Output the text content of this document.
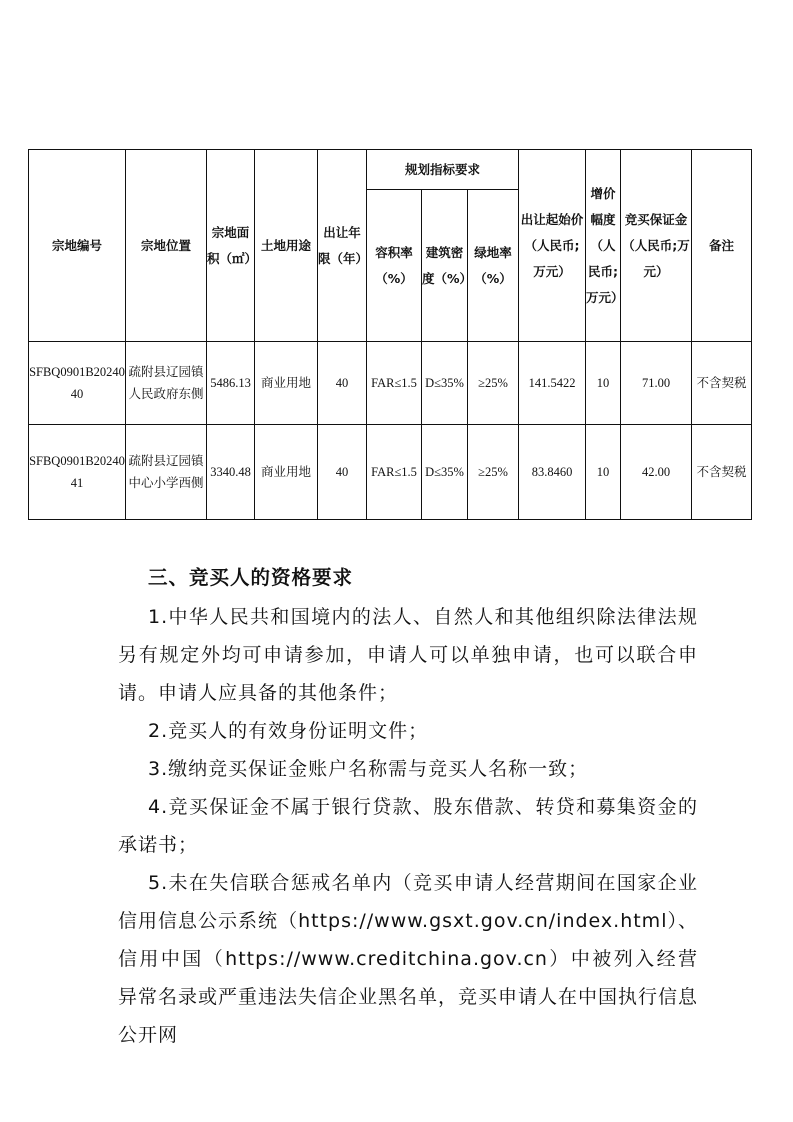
宗地编号	宗地位置	宗地面积（㎡）	土地用途	出让年限（年）	规划指标要求			出让起始价（人民币;万元）	增价幅度（人民币;万元）	竞买保证金（人民币;万元）	备注
					容积率（%）	建筑密度（%）	绿地率（%）				
SFBQ0901B2024040	疏附县辽园镇人民政府东侧	5486.13	商业用地	40	FAR≤1.5	D≤35%	≥25%	141.5422	10	71.00	不含契税
SFBQ0901B2024041	疏附县辽园镇中心小学西侧	3340.48	商业用地	40	FAR≤1.5	D≤35%	≥25%	83.8460	10	42.00	不含契税
三、竞买人的资格要求

1.中华人民共和国境内的法人、自然人和其他组织除法律法规另有规定外均可申请参加，申请人可以单独申请，也可以联合申请。申请人应具备的其他条件；

2.竞买人的有效身份证明文件；

3.缴纳竞买保证金账户名称需与竞买人名称一致；

4.竞买保证金不属于银行贷款、股东借款、转贷和募集资金的承诺书；

5.未在失信联合惩戒名单内（竞买申请人经营期间在国家企业信用信息公示系统（https://www.gsxt.gov.cn/index.html）、信用中国（https://www.creditchina.gov.cn）中被列入经营异常名录或严重违法失信企业黑名单，竞买申请人在中国执行信息公开网
